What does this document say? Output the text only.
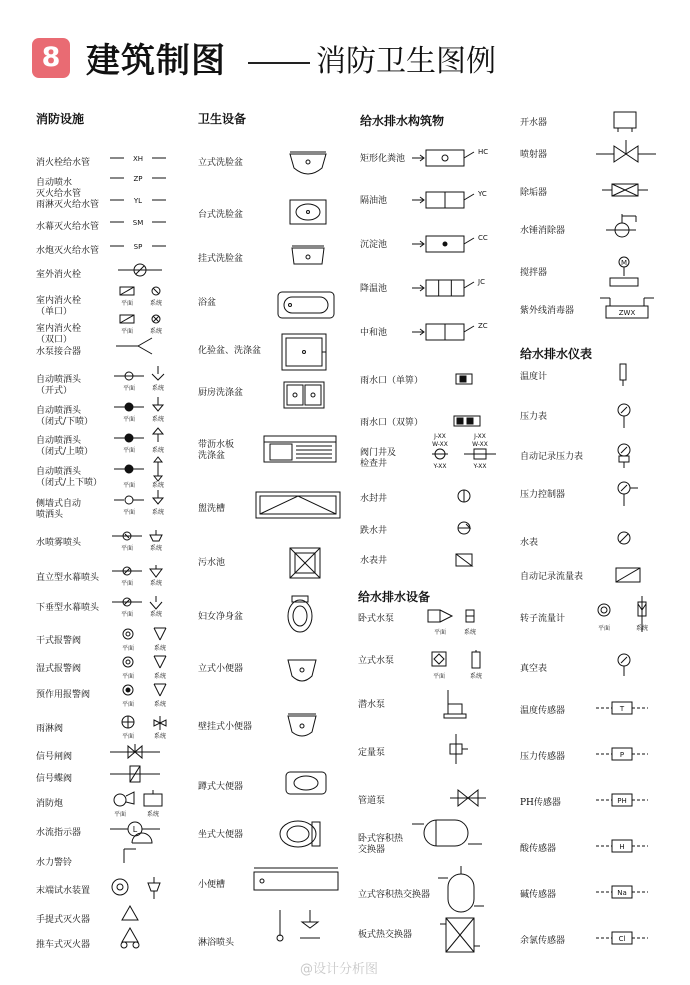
8 建筑制图	消防卫生图例
消防设施	卫生设备	给水排水构筑物
给水排水仪表
给水排水设备
消火栓给水管	XH
自动喷水
灭火给水管
ZP
雨淋灭火给水管	YL
水幕灭火给水管	SM
水炮灭火给水管	SP
室外消火栓
室内消火栓
（单口）
平面	系统
室内消火栓
（双口）
平面	系统
水泵接合器
自动喷洒头
（开式）	平面	系统
自动喷洒头
（闭式/下喷）	平面	系统
自动喷洒头
（闭式/上喷）	平面	系统
自动喷洒头
（闭式/上下喷）	平面	系统
侧墙式自动
喷洒头	平面	系统
水喷雾喷头
平面	系统
直立型水幕喷头
平面	系统
下垂型水幕喷头
平面	系统
干式报警阀
平面	系统
湿式报警阀
平面	系统
预作用报警阀
平面	系统
雨淋阀
平面	系统
信号闸阀
信号蝶阀
消防炮
平面	系统
水流指示器	L
水力警铃
末端试水装置
手提式灭火器
推车式灭火器
立式洗脸盆
台式洗脸盆
挂式洗脸盆
浴盆
化验盆、洗涤盆
厨房洗涤盆
带沥水板
洗涤盆
盥洗槽
污水池
妇女净身盆
立式小便器
壁挂式小便器
蹲式大便器
坐式大便器
小便槽
淋浴喷头
矩形化粪池
HC
隔油池
YC
沉淀池
CC
降温池
JC
中和池
ZC
雨水口（单箅）
雨水口（双箅）
阀门井及
检查井
J-XX
W-XX
Y-XX
J-XX
W-XX
Y-XX
水封井
跌水井
水表井
卧式水泵
平面	系统
立式水泵
平面	系统
潜水泵
定量泵
管道泵
卧式容积热
交换器
立式容积热交换器
板式热交换器
开水器
喷射器
除垢器
水锤消除器
搅拌器
M
紫外线消毒器	ZWX
温度计
压力表
自动记录压力表
压力控制器
水表
自动记录流量表
转子流量计
平面	系统
真空表
温度传感器	T
压力传感器	P
PH传感器	PH
酸传感器	H
碱传感器	Na
余氯传感器	Cl
@设计分析图
